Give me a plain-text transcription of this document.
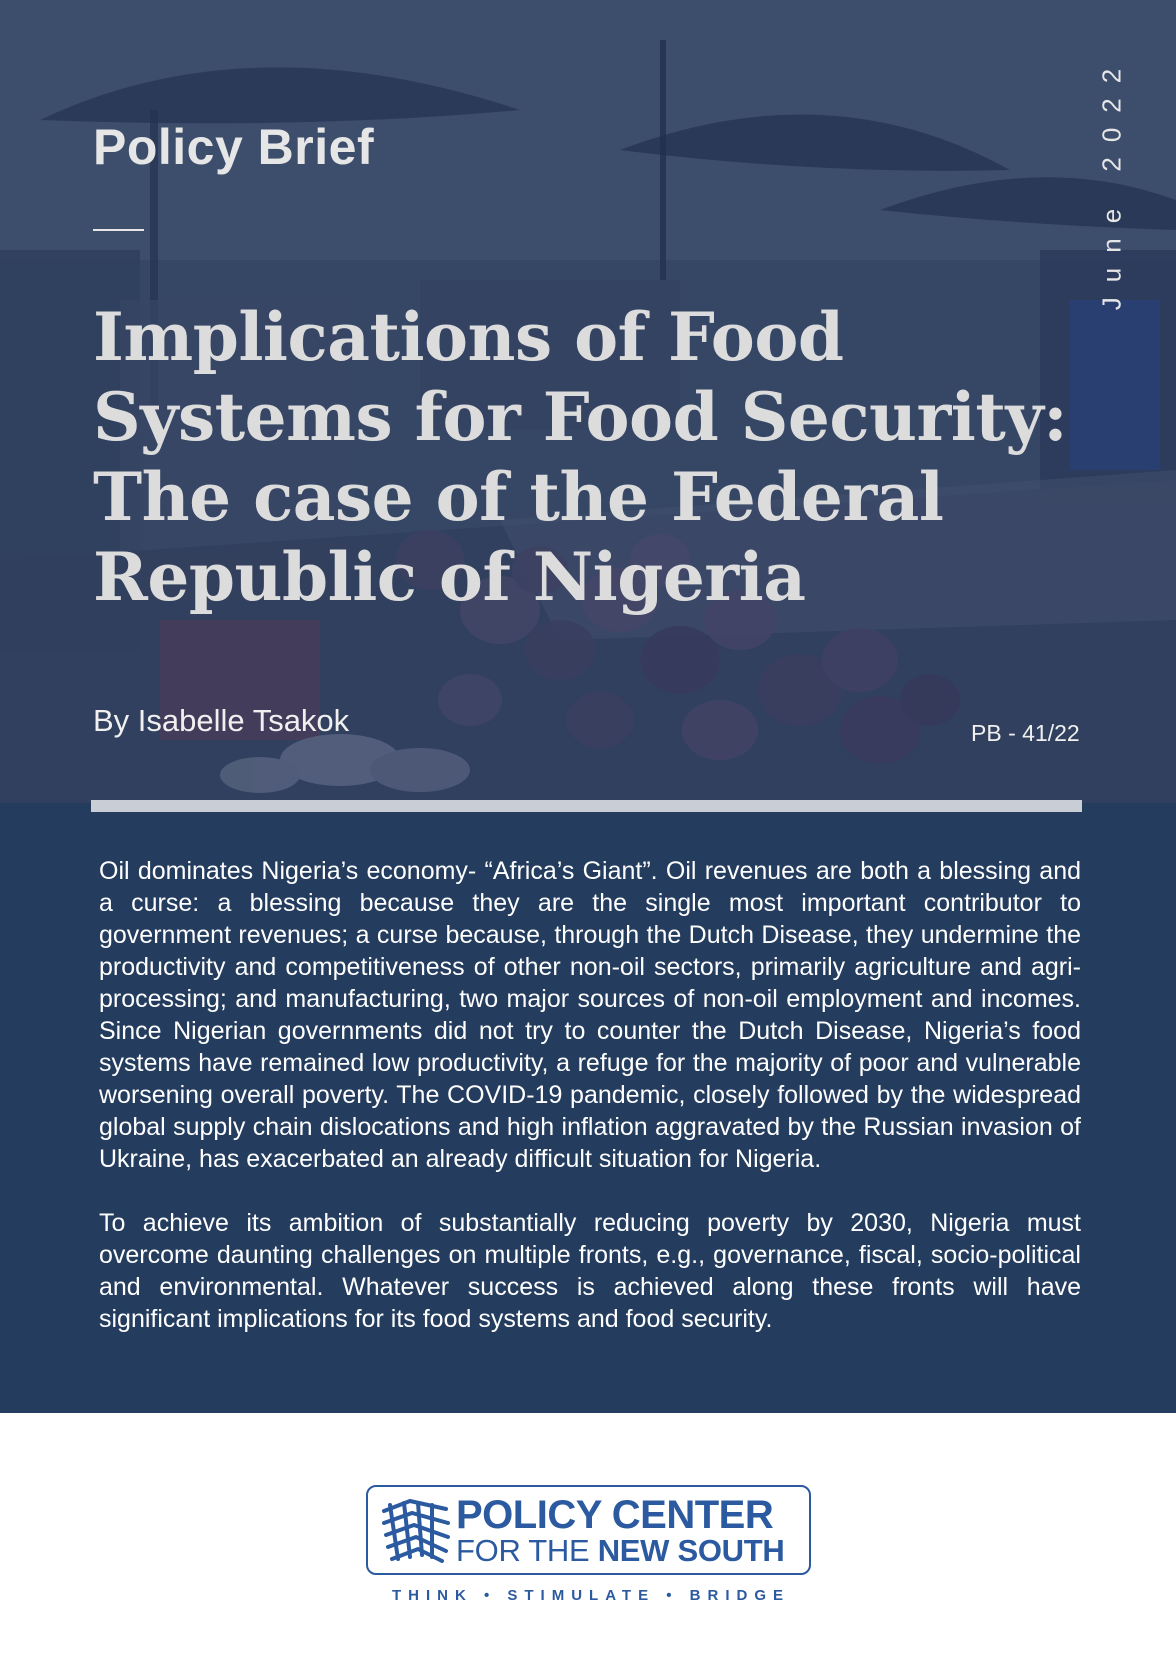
Policy Brief	June 2022
Implications of Food Systems for Food Security: The case of the Federal Republic of Nigeria
By Isabelle Tsakok	PB - 41/22

Oil dominates Nigeria’s economy- “Africa’s Giant”. Oil revenues are both a blessing and a curse: a blessing because they are the single most important contributor to government revenues; a curse because, through the Dutch Disease, they undermine the productivity and competitiveness of other non-oil sectors, primarily agriculture and agri-processing; and manufacturing, two major sources of non-oil employment and incomes. Since Nigerian governments did not try to counter the Dutch Disease, Nigeria’s food systems have remained low productivity, a refuge for the majority of poor and vulnerable worsening overall poverty. The COVID-19 pandemic, closely followed by the widespread global supply chain dislocations and high inflation aggravated by the Russian invasion of Ukraine, has exacerbated an already difficult situation for Nigeria.

To achieve its ambition of substantially reducing poverty by 2030, Nigeria must overcome daunting challenges on multiple fronts, e.g., governance, fiscal, socio-political and environmental. Whatever success is achieved along these fronts will have significant implications for its food systems and food security.

POLICY CENTER
FOR THE NEW SOUTH
THINK • STIMULATE • BRIDGE
